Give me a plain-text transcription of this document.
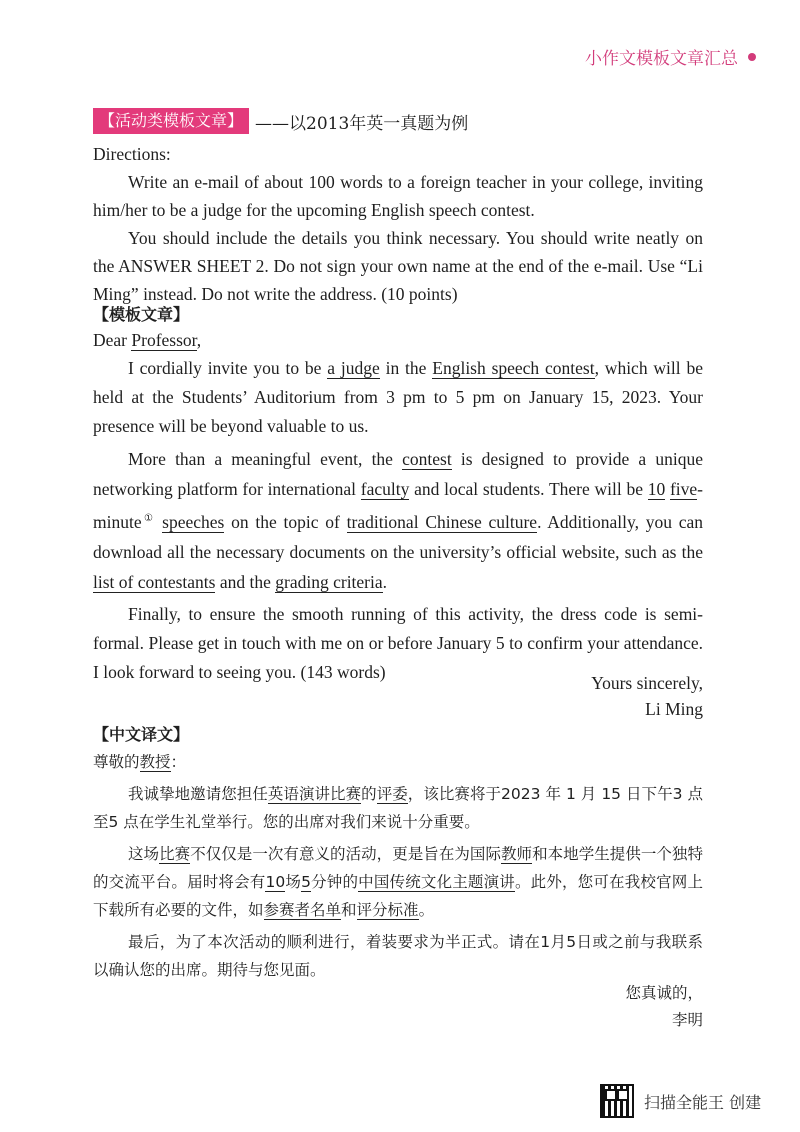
小作文模板文章汇总
【活动类模板文章】 ——以2013年英一真题为例

Directions:

Write an e-mail of about 100 words to a foreign teacher in your college, inviting him/her to be a judge for the upcoming English speech contest.

You should include the details you think necessary. You should write neatly on the ANSWER SHEET 2. Do not sign your own name at the end of the e-mail. Use “Li Ming” instead. Do not write the address. (10 points)

【模板文章】

Dear Professor,

I cordially invite you to be a judge in the English speech contest, which will be held at the Students’ Auditorium from 3 pm to 5 pm on January 15, 2023. Your presence will be beyond valuable to us.

More than a meaningful event, the contest is designed to provide a unique networking platform for international faculty and local students. There will be 10 five-minute① speeches on the topic of traditional Chinese culture. Additionally, you can download all the necessary documents on the university’s official website, such as the list of contestants and the grading criteria.

Finally, to ensure the smooth running of this activity, the dress code is semi-formal. Please get in touch with me on or before January 5 to confirm your attendance. I look forward to seeing you. (143 words)

Yours sincerely,
Li Ming
【中文译文】

尊敬的教授：

我诚挚地邀请您担任英语演讲比赛的评委，该比赛将于2023 年 1 月 15 日下午3 点至5 点在学生礼堂举行。您的出席对我们来说十分重要。

这场比赛不仅仅是一次有意义的活动，更是旨在为国际教师和本地学生提供一个独特的交流平台。届时将会有10场5分钟的中国传统文化主题演讲。此外，您可在我校官网上下载所有必要的文件，如参赛者名单和评分标准。

最后，为了本次活动的顺利进行，着装要求为半正式。请在1月5日或之前与我联系以确认您的出席。期待与您见面。

您真诚的，
李明
扫描全能王 创建
